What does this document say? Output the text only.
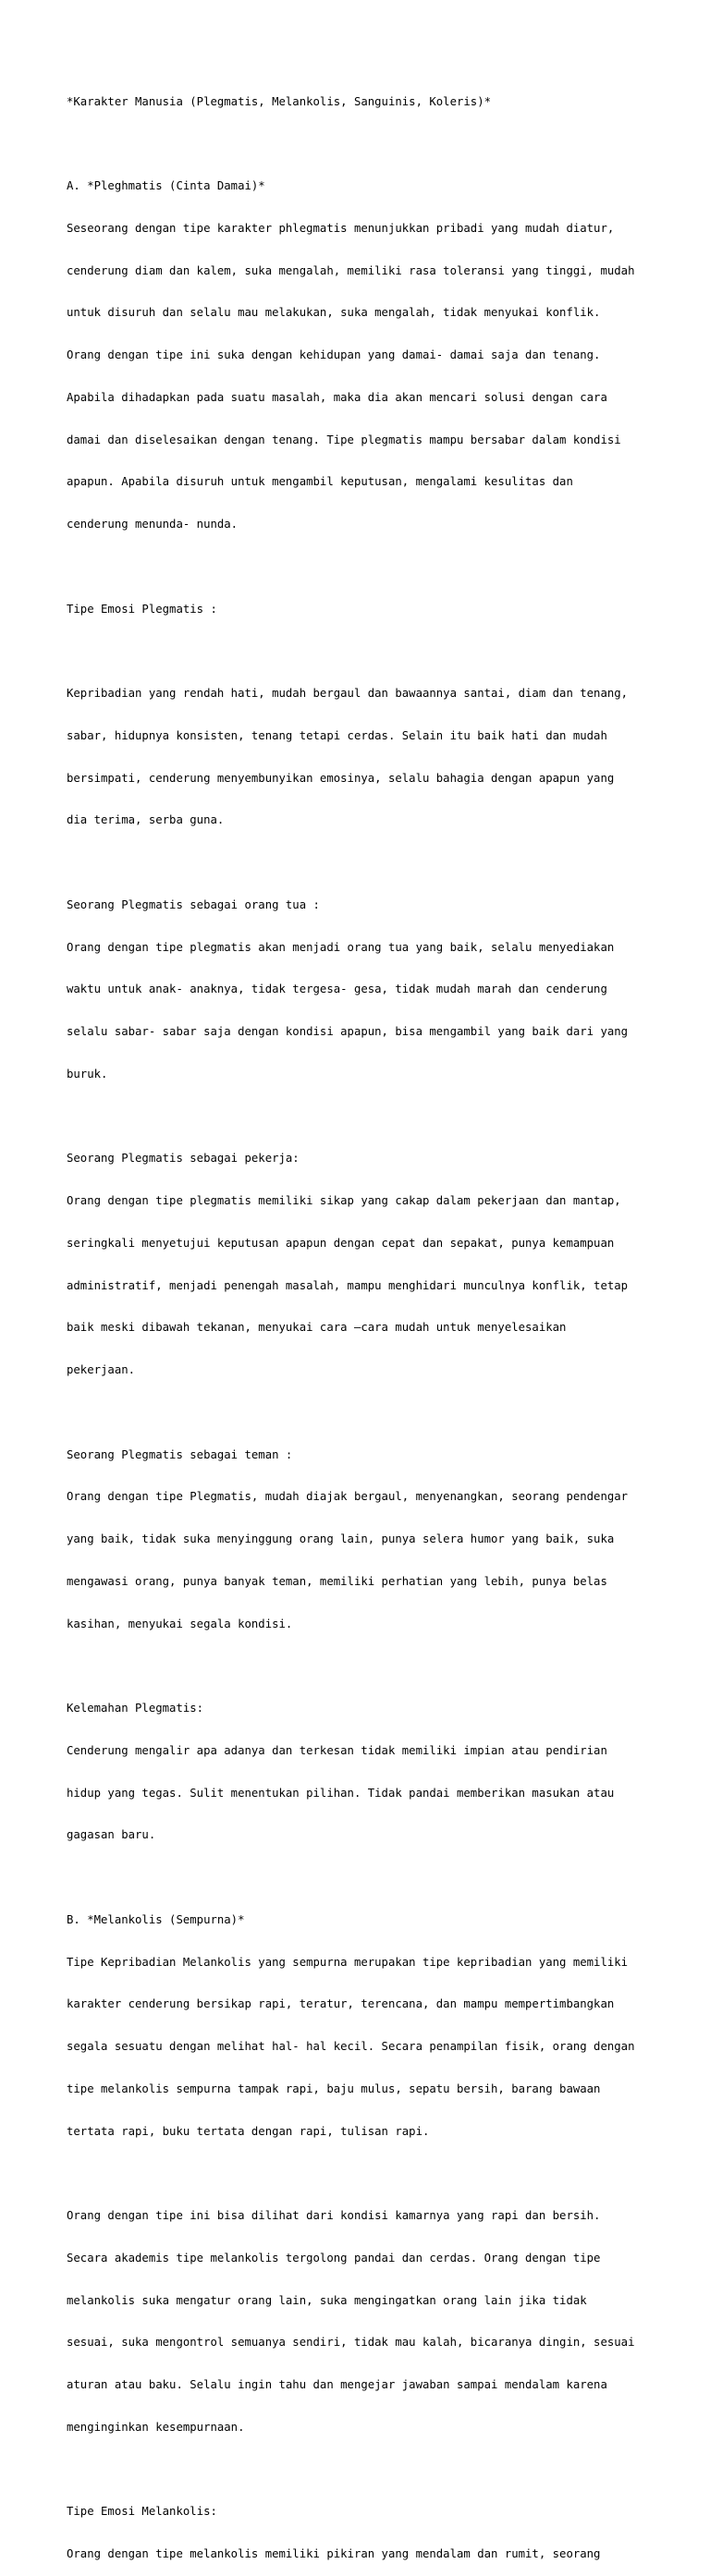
*Karakter Manusia (Plegmatis, Melankolis, Sanguinis, Koleris)*

A. *Pleghmatis (Cinta Damai)*

Seseorang dengan tipe karakter phlegmatis menunjukkan pribadi yang mudah diatur,

cenderung diam dan kalem, suka mengalah, memiliki rasa toleransi yang tinggi, mudah

untuk disuruh dan selalu mau melakukan, suka mengalah, tidak menyukai konflik.

Orang dengan tipe ini suka dengan kehidupan yang damai- damai saja dan tenang.

Apabila dihadapkan pada suatu masalah, maka dia akan mencari solusi dengan cara

damai dan diselesaikan dengan tenang. Tipe plegmatis mampu bersabar dalam kondisi

apapun. Apabila disuruh untuk mengambil keputusan, mengalami kesulitas dan

cenderung menunda- nunda.

Tipe Emosi Plegmatis :

Kepribadian yang rendah hati, mudah bergaul dan bawaannya santai, diam dan tenang,

sabar, hidupnya konsisten, tenang tetapi cerdas. Selain itu baik hati dan mudah

bersimpati, cenderung menyembunyikan emosinya, selalu bahagia dengan apapun yang

dia terima, serba guna.

Seorang Plegmatis sebagai orang tua :

Orang dengan tipe plegmatis akan menjadi orang tua yang baik, selalu menyediakan

waktu untuk anak- anaknya, tidak tergesa- gesa, tidak mudah marah dan cenderung

selalu sabar- sabar saja dengan kondisi apapun, bisa mengambil yang baik dari yang

buruk.

Seorang Plegmatis sebagai pekerja:

Orang dengan tipe plegmatis memiliki sikap yang cakap dalam pekerjaan dan mantap,

seringkali menyetujui keputusan apapun dengan cepat dan sepakat, punya kemampuan

administratif, menjadi penengah masalah, mampu menghidari munculnya konflik, tetap

baik meski dibawah tekanan, menyukai cara –cara mudah untuk menyelesaikan

pekerjaan.

Seorang Plegmatis sebagai teman :

Orang dengan tipe Plegmatis, mudah diajak bergaul, menyenangkan, seorang pendengar

yang baik, tidak suka menyinggung orang lain, punya selera humor yang baik, suka

mengawasi orang, punya banyak teman, memiliki perhatian yang lebih, punya belas

kasihan, menyukai segala kondisi.

Kelemahan Plegmatis:

Cenderung mengalir apa adanya dan terkesan tidak memiliki impian atau pendirian

hidup yang tegas. Sulit menentukan pilihan. Tidak pandai memberikan masukan atau

gagasan baru.

B. *Melankolis (Sempurna)*

Tipe Kepribadian Melankolis yang sempurna merupakan tipe kepribadian yang memiliki

karakter cenderung bersikap rapi, teratur, terencana, dan mampu mempertimbangkan

segala sesuatu dengan melihat hal- hal kecil. Secara penampilan fisik, orang dengan

tipe melankolis sempurna tampak rapi, baju mulus, sepatu bersih, barang bawaan

tertata rapi, buku tertata dengan rapi, tulisan rapi.

Orang dengan tipe ini bisa dilihat dari kondisi kamarnya yang rapi dan bersih.

Secara akademis tipe melankolis tergolong pandai dan cerdas. Orang dengan tipe

melankolis suka mengatur orang lain, suka mengingatkan orang lain jika tidak

sesuai, suka mengontrol semuanya sendiri, tidak mau kalah, bicaranya dingin, sesuai

aturan atau baku. Selalu ingin tahu dan mengejar jawaban sampai mendalam karena

menginginkan kesempurnaan.

Tipe Emosi Melankolis:

Orang dengan tipe melankolis memiliki pikiran yang mendalam dan rumit, seorang
